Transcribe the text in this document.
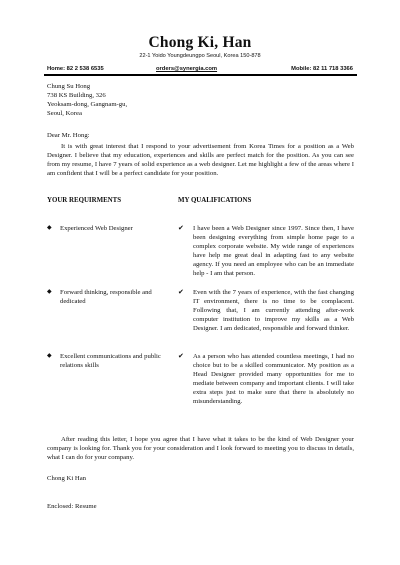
Chong Ki, Han
22-1 Yoido Youngdeungpo Seoul, Korea 150-878
Home: 82 2 538 6535	orders@synergia.com	Mobile: 82 11 718 3366
Chung Su Hong
738 KS Building, 326
Yeoksam-dong, Gangnam-gu,
Seoul, Korea
Dear Mr. Hong:
It is with great interest that I respond to your advertisement from Korea Times for a position as a Web Designer. I believe that my education, experiences and skills are perfect match for the position. As you can see from my resume, I have 7 years of solid experience as a web designer. Let me highlight a few of the areas where I am confident that I will be a perfect candidate for your position.
YOUR REQUIRMENTS	MY QUALIFICATIONS
◆ Experienced Web Designer	✔ I have been a Web Designer since 1997. Since then, I have been designing everything from simple home page to a complex corporate website. My wide range of experiences have help me great deal in adapting fast to any website agency. If you need an employee who can be an immediate help - I am that person.
◆ Forward thinking, responsible and dedicated
✔ Even with the 7 years of experience, with the fast changing IT environment, there is no time to be complacent. Following that, I am currently attending after-work computer institution to improve my skills as a Web Designer. I am dedicated, responsible and forward thinker.
◆ Excellent communications and public relations skills
✔ As a person who has attended countless meetings, I had no choice but to be a skilled communicator. My position as a Head Designer provided many opportunities for me to mediate between company and important clients. I will take extra steps just to make sure that there is absolutely no misunderstanding.
After reading this letter, I hope you agree that I have what it takes to be the kind of Web Designer your company is looking for. Thank you for your consideration and I look forward to meeting you to discuss in details, what I can do for your company.
Chong Ki Han
Enclosed: Resume
